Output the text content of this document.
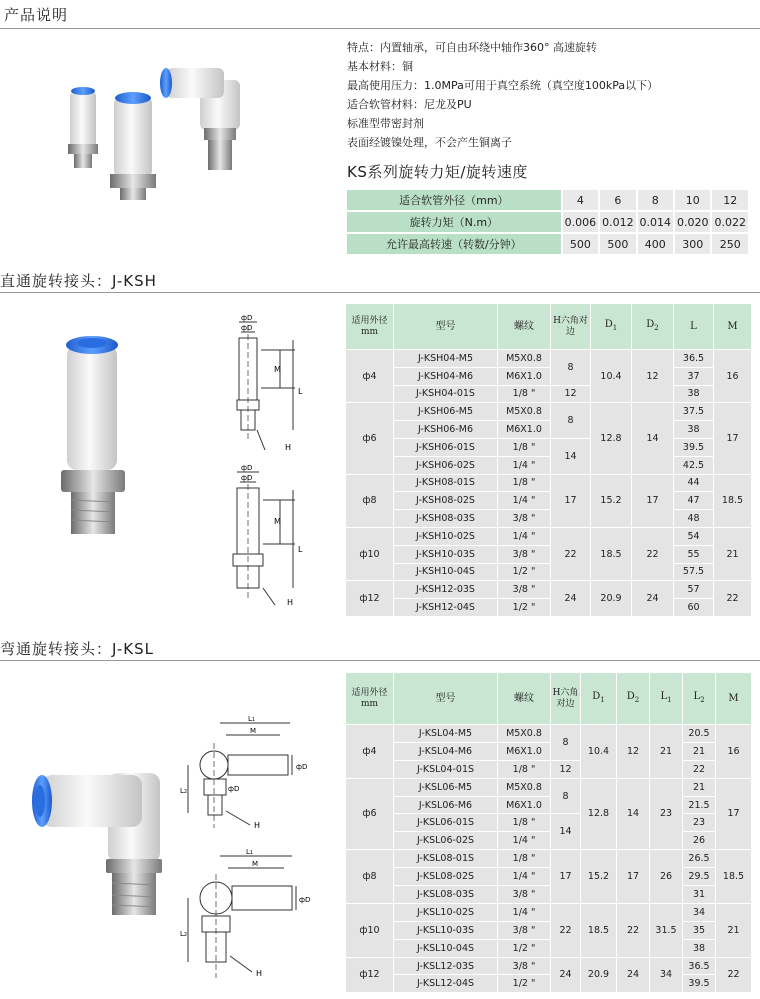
产品说明
特点：内置轴承，可自由环绕中轴作360° 高速旋转
基本材料：铜
最高使用压力：1.0MPa可用于真空系统（真空度100kPa以下）
适合软管材料：尼龙及PU
标准型带密封剂
表面经镀镍处理，不会产生铜离子
KS系列旋转力矩/旋转速度
适合软管外径（mm）	4	6	8	10	12
旋转力矩（N.m）	0.006	0.012	0.014	0.020	0.022
允许最高转速（转数/分钟）	500	500	400	300	250
直通旋转接头：J-KSH
фD
фD
M
L
H
фD
фD
M
L
H
适用外径mm	型号	螺纹	H六角对边	$D_1$	$D_2$	L	M
ф4	J-KSH04-M5	M5X0.8	8	10.4	12	36.5	16
	J-KSH04-M6	M6X1.0				37	
	J-KSH04-01S	1/8 "	12			38	
ф6	J-KSH06-M5	M5X0.8	8	12.8	14	37.5	17
	J-KSH06-M6	M6X1.0				38	
	J-KSH06-01S	1/8 "	14			39.5	
	J-KSH06-02S	1/4 "				42.5	
ф8	J-KSH08-01S	1/8 "	17	15.2	17	44	18.5
	J-KSH08-02S	1/4 "				47	
	J-KSH08-03S	3/8 "				48	
ф10	J-KSH10-02S	1/4 "	22	18.5	22	54	21
	J-KSH10-03S	3/8 "				55	
	J-KSH10-04S	1/2 "				57.5	
ф12	J-KSH12-03S	3/8 "	24	20.9	24	57	22
	J-KSH12-04S	1/2 "				60	
弯通旋转接头：J-KSL
L1
M
L2	фD
фD
H
L1
M
L2
фD
H
适用外径mm	型号	螺纹	H六角对边	$D_1$	$D_2$	$L_1$	$L_2$	M
ф4	J-KSL04-M5	M5X0.8	8	10.4	12	21	20.5	16
	J-KSL04-M6	M6X1.0					21	
	J-KSL04-01S	1/8 "	12				22	
ф6	J-KSL06-M5	M5X0.8	8	12.8	14	23	21	17
	J-KSL06-M6	M6X1.0					21.5	
	J-KSL06-01S	1/8 "	14				23	
	J-KSL06-02S	1/4 "					26	
ф8	J-KSL08-01S	1/8 "	17	15.2	17	26	26.5	18.5
	J-KSL08-02S	1/4 "					29.5	
	J-KSL08-03S	3/8 "					31	
ф10	J-KSL10-02S	1/4 "	22	18.5	22	31.5	34	21
	J-KSL10-03S	3/8 "					35	
	J-KSL10-04S	1/2 "					38	
ф12	J-KSL12-03S	3/8 "	24	20.9	24	34	36.5	22
	J-KSL12-04S	1/2 "					39.5	
